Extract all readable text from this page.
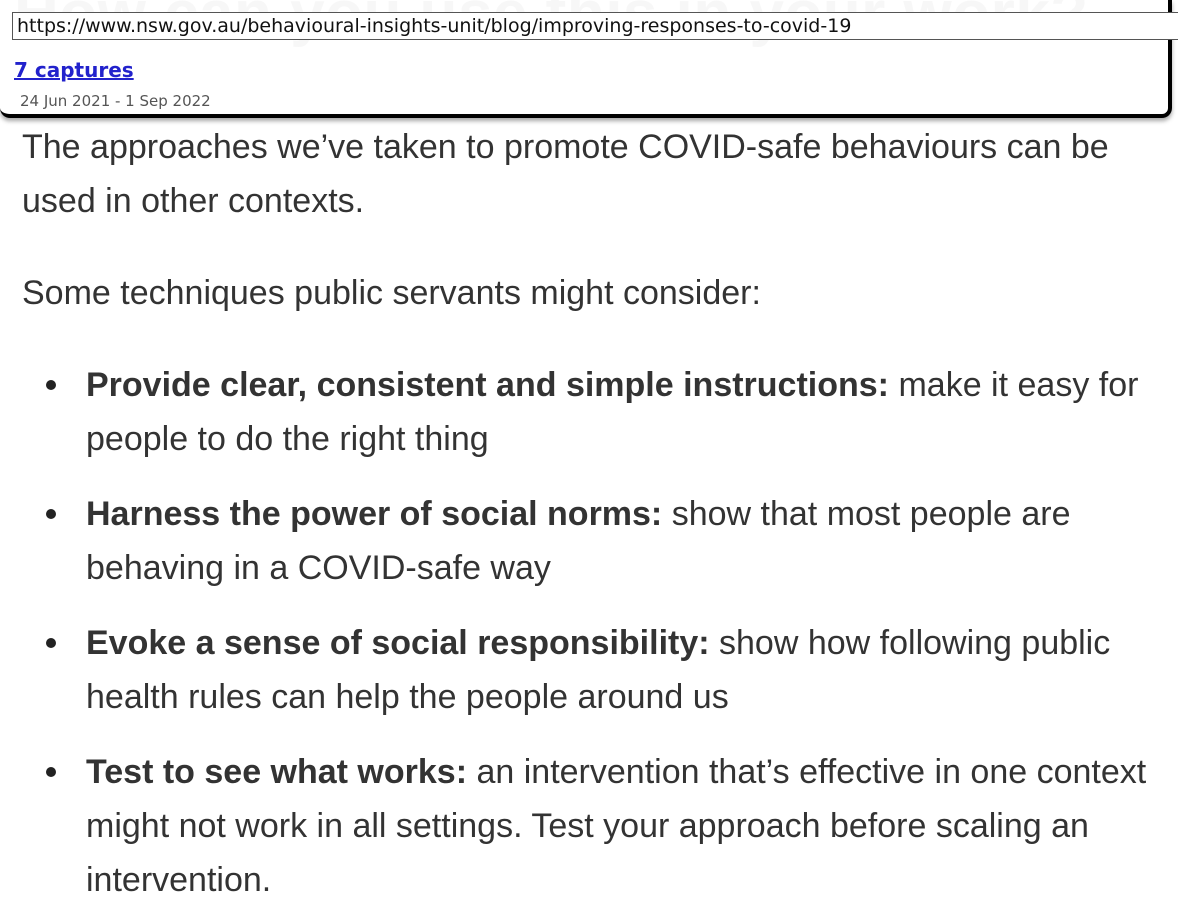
https://www.nsw.gov.au/behavioural-insights-unit/blog/improving-responses-to-covid-19
7 captures
24 Jun 2021 - 1 Sep 2022

The approaches we’ve taken to promote COVID-safe behaviours can be used in other contexts.

Some techniques public servants might consider:

Provide clear, consistent and simple instructions: make it easy for people to do the right thing
Harness the power of social norms: show that most people are behaving in a COVID-safe way
Evoke a sense of social responsibility: show how following public health rules can help the people around us
Test to see what works: an intervention that’s effective in one context might not work in all settings. Test your approach before scaling an intervention.
